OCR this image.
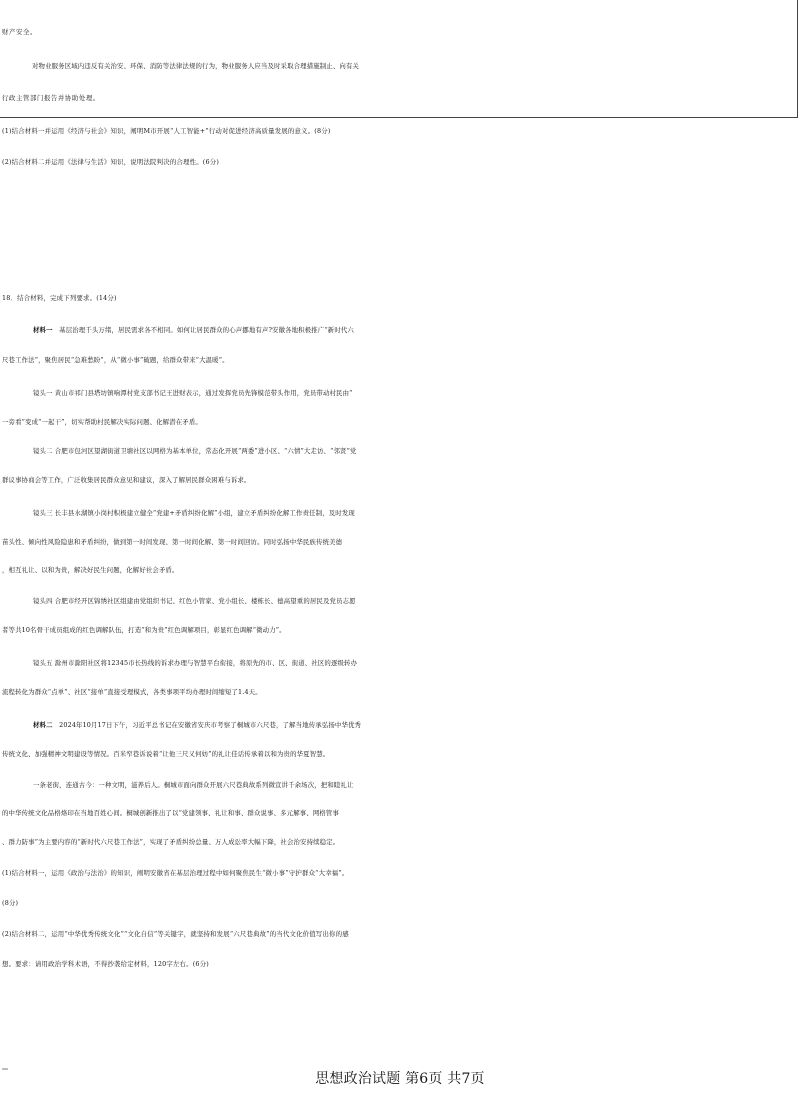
财产安全。
对物业服务区域内违反有关治安、环保、消防等法律法规的行为，物业服务人应当及时采取合理措施制止、向有关
行政主管部门报告并协助处理。
(1)结合材料一并运用《经济与社会》知识，阐明M市开展“人工智能+”行动对促进经济高质量发展的意义。(8分)
(2)结合材料二并运用《法律与生活》知识，说明法院判决的合理性。(6分)
18．结合材料，完成下列要求。(14分)
材料一 基层治理千头万绪，居民需求各不相同。如何让居民群众的心声挪地有声?安徽各地积极推广“新时代六
尺巷工作法”，聚焦居民“急难愁盼”，从“微小事”破题，给群众带来“大温暖”。
镜头一 黄山市祁门县塔坊镇响潭村党支部书记王进财表示，通过发挥党员先锋模范带头作用，党员带动村民由“
一旁看”变成“一起干”，切实帮助村民解决实际问题、化解潜在矛盾。
镜头二 合肥市包河区望湖街道卫塘社区以网格为基本单位，常态化开展“两委”进小区、“六情”大走访、“邻贤”党
群议事协商会等工作，广泛收集居民群众意见和建议，深入了解居民群众困难与诉求。
镜头三 长丰县水湖镇小岗村积极建立健全“党建+矛盾纠纷化解”小组，建立矛盾纠纷化解工作责任制，及时发现
苗头性、倾向性风险隐患和矛盾纠纷，做到第一时间发现、第一时间化解、第一时间回访。同时弘扬中华民族传统美德
，相互礼让、以和为贵，解决好民生问题，化解好社会矛盾。
镜头四 合肥市经开区锦绣社区组建由党组织书记、红色小管家、党小组长、楼栋长、德高望重的居民及党员志愿
者等共10名骨干成员组成的红色调解队伍，打造“和为贵”红色调解项目，彰显红色调解“微动力”。
镜头五 滁州市滁阳社区将12345市长热线的诉求办理与智慧平台衔接，将原先的市、区、街道、社区的逐级转办
流程转化为群众“点单”、社区“接单”直接受理模式，各类事项平均办理时间缩短了1.4天。
材料二 2024年10月17日下午，习近平总书记在安徽省安庆市考察了桐城市六尺巷，了解当地传承弘扬中华优秀
传统文化、加强精神文明建设等情况。百米窄巷诉说着“让他三尺又何妨”的礼让佳话传承着以和为贵的华夏智慧。
一条老街，连通古今：一种文明，滋养后人。桐城市面向群众开展六尺巷典故系列微宣讲千余场次，把和睦礼让
的中华传统文化品格烙印在当地百姓心间。桐城创新推出了以“党建领事、礼让和事、群众说事、多元解事、网格管事
、群力防事”为主要内容的“新时代六尺巷工作法”，实现了矛盾纠纷总量、万人成讼率大幅下降，社会治安持续稳定。
(1)结合材料一，运用《政治与法治》的知识，阐明安徽省在基层治理过程中如何聚焦民生“微小事”守护群众“大幸福”。
(8分)
(2)结合材料二，运用“中华优秀传统文化”“文化自信”等关键字，就坚持和发展“六尺巷典故”的当代文化价值写出你的感
想。要求：请用政治学科术语，不得抄袭给定材料，120字左右。(6分)
思想政治试题 第6页 共7页
